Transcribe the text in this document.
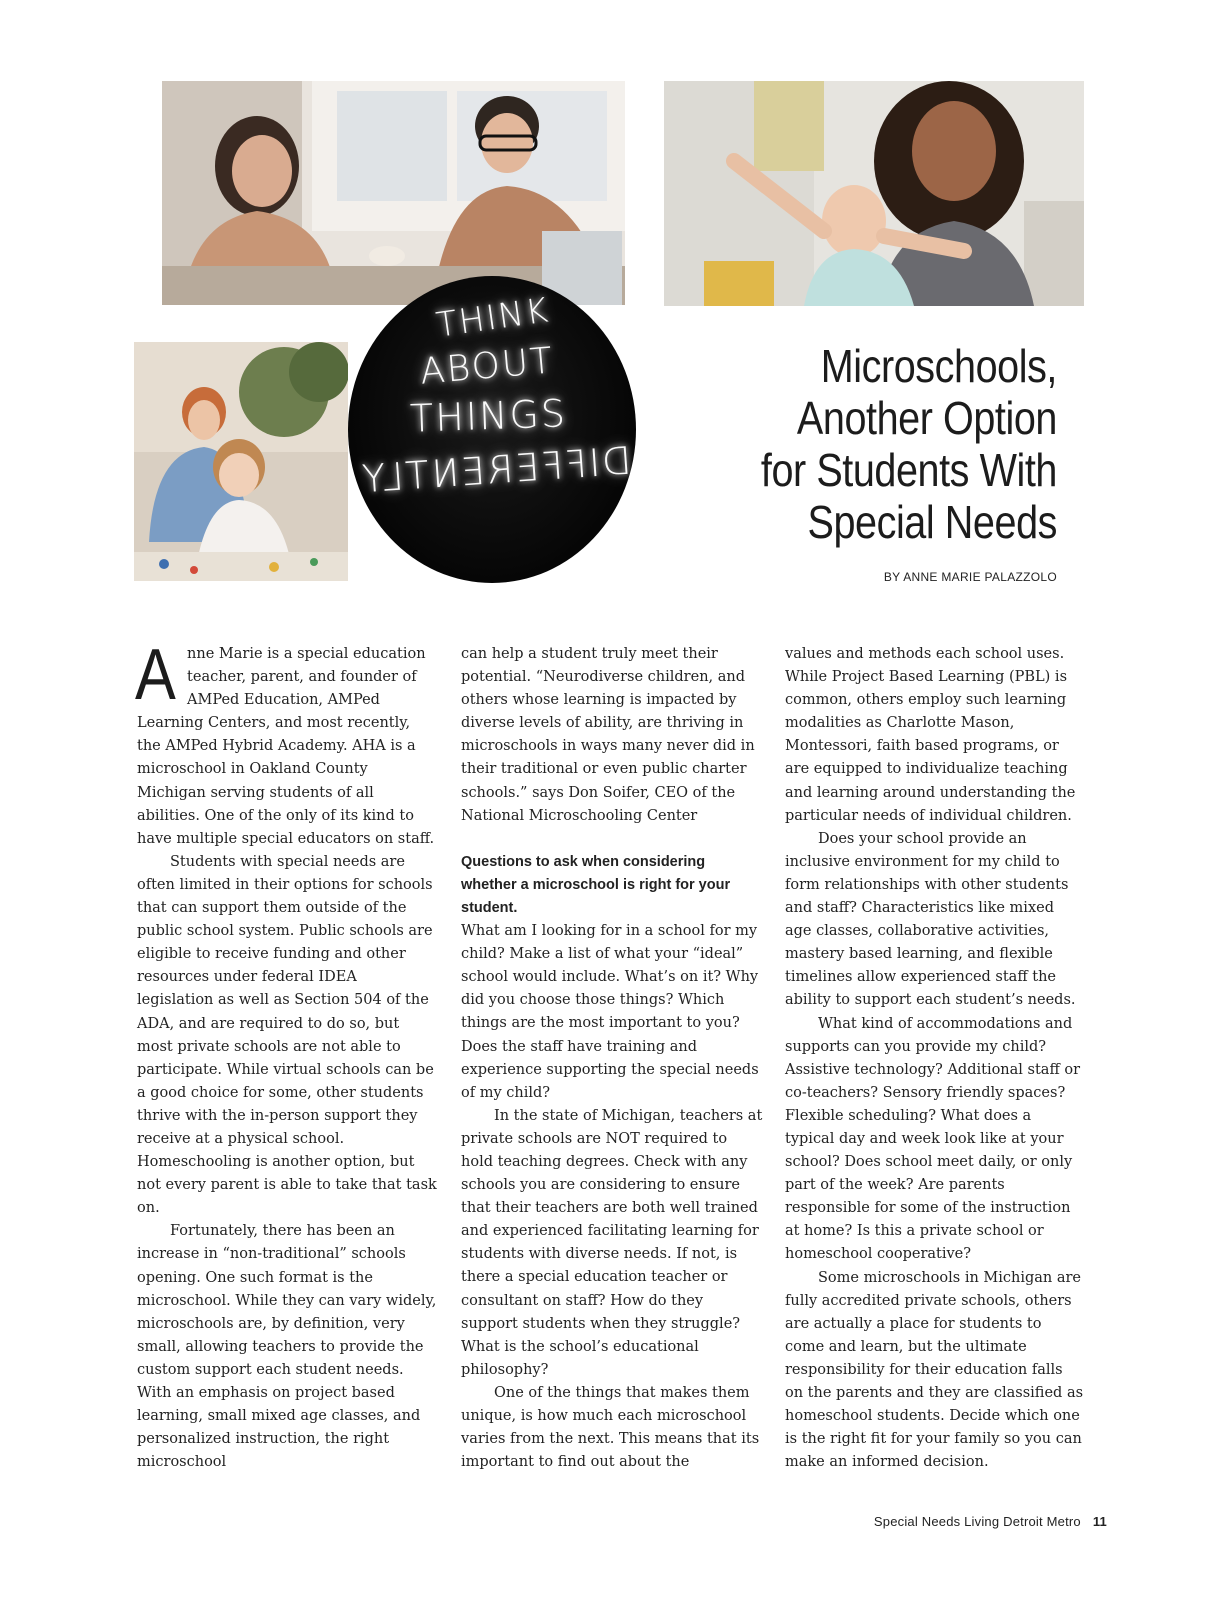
THINK
ABOUT
THINGS
DIFFERENTLY
Microschools,
Another Option
for Students With
Special Needs
BY ANNE MARIE PALAZZOLO

Anne Marie is a special education teacher, parent, and founder of AMPed Education, AMPed Learning Centers, and most recently, the AMPed Hybrid Academy. AHA is a microschool in Oakland County Michigan serving students of all abilities. One of the only of its kind to have multiple special educators on staff.

Students with special needs are often limited in their options for schools that can support them outside of the public school system. Public schools are eligible to receive funding and other resources under federal IDEA legislation as well as Section 504 of the ADA, and are required to do so, but most private schools are not able to participate. While virtual schools can be a good choice for some, other students thrive with the in-person support they receive at a physical school. Homeschooling is another option, but not every parent is able to take that task on.

Fortunately, there has been an increase in “non-traditional” schools opening. One such format is the microschool. While they can vary widely, microschools are, by definition, very small, allowing teachers to provide the custom support each student needs. With an emphasis on project based learning, small mixed age classes, and personalized instruction, the right microschool

can help a student truly meet their potential. “Neurodiverse children, and others whose learning is impacted by diverse levels of ability, are thriving in microschools in ways many never did in their traditional or even public charter schools.” says Don Soifer, CEO of the National Microschooling Center

Questions to ask when considering whether a microschool is right for your student.

What am I looking for in a school for my child? Make a list of what your “ideal” school would include. What’s on it? Why did you choose those things? Which things are the most important to you? Does the staff have training and experience supporting the special needs of my child?

In the state of Michigan, teachers at private schools are NOT required to hold teaching degrees. Check with any schools you are considering to ensure that their teachers are both well trained and experienced facilitating learning for students with diverse needs. If not, is there a special education teacher or consultant on staff? How do they support students when they struggle? What is the school’s educational philosophy?

One of the things that makes them unique, is how much each microschool varies from the next. This means that its important to find out about the

values and methods each school uses. While Project Based Learning (PBL) is common, others employ such learning modalities as Charlotte Mason, Montessori, faith based programs, or are equipped to individualize teaching and learning around understanding the particular needs of individual children.

Does your school provide an inclusive environment for my child to form relationships with other students and staff? Characteristics like mixed age classes, collaborative activities, mastery based learning, and flexible timelines allow experienced staff the ability to support each student’s needs.

What kind of accommodations and supports can you provide my child? Assistive technology? Additional staff or co-teachers? Sensory friendly spaces? Flexible scheduling? What does a typical day and week look like at your school? Does school meet daily, or only part of the week? Are parents responsible for some of the instruction at home? Is this a private school or homeschool cooperative?

Some microschools in Michigan are fully accredited private schools, others are actually a place for students to come and learn, but the ultimate responsibility for their education falls on the parents and they are classified as homeschool students. Decide which one is the right fit for your family so you can make an informed decision.

Special Needs Living Detroit Metro 11
